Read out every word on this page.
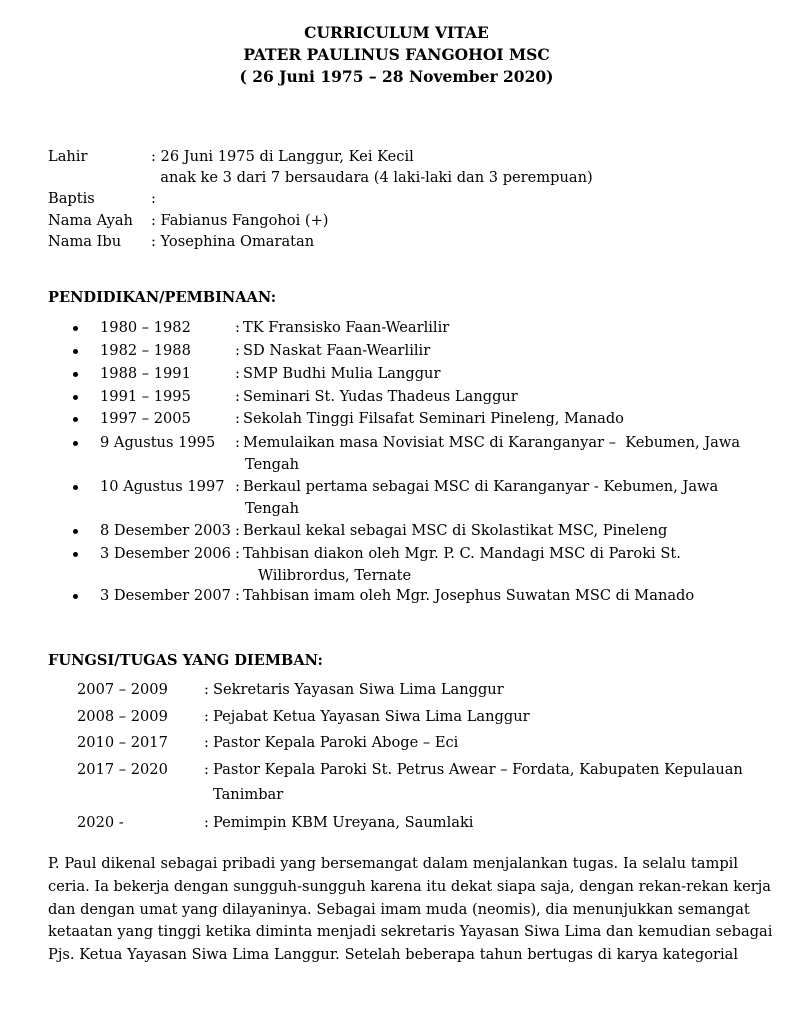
CURRICULUM VITAE
PATER PAULINUS FANGOHOI MSC
( 26 Juni 1975 – 28 November 2020)
Lahir	: 26 Juni 1975 di Langgur, Kei Kecil
anak ke 3 dari 7 bersaudara (4 laki-laki dan 3 perempuan)
Baptis	:
Nama Ayah : Fabianus Fangohoi (+)
Nama Ibu : Yosephina Omaratan
PENDIDIKAN/PEMBINAAN:
1980 – 1982	: TK Fransisko Faan-Wearlilir
1982 – 1988	: SD Naskat Faan-Wearlilir
1988 – 1991	: SMP Budhi Mulia Langgur
1991 – 1995	: Seminari St. Yudas Thadeus Langgur
1997 – 2005	: Sekolah Tinggi Filsafat Seminari Pineleng, Manado
9 Agustus 1995 : Memulaikan masa Novisiat MSC di Karanganyar –  Kebumen, Jawa
Tengah
10 Agustus 1997 : Berkaul pertama sebagai MSC di Karanganyar - Kebumen, Jawa
Tengah
8 Desember 2003 : Berkaul kekal sebagai MSC di Skolastikat MSC, Pineleng
3 Desember 2006 : Tahbisan diakon oleh Mgr. P. C. Mandagi MSC di Paroki St.
Wilibrordus, Ternate
3 Desember 2007 : Tahbisan imam oleh Mgr. Josephus Suwatan MSC di Manado
FUNGSI/TUGAS YANG DIEMBAN:
2007 – 2009 : Sekretaris Yayasan Siwa Lima Langgur
2008 – 2009 : Pejabat Ketua Yayasan Siwa Lima Langgur
2010 – 2017 : Pastor Kepala Paroki Aboge – Eci
2017 – 2020 : Pastor Kepala Paroki St. Petrus Awear – Fordata, Kabupaten Kepulauan
Tanimbar
2020 -	: Pemimpin KBM Ureyana, Saumlaki
P. Paul dikenal sebagai pribadi yang bersemangat dalam menjalankan tugas. Ia selalu tampil
ceria. Ia bekerja dengan sungguh-sungguh karena itu dekat siapa saja, dengan rekan-rekan kerja
dan dengan umat yang dilayaninya. Sebagai imam muda (neomis), dia menunjukkan semangat
ketaatan yang tinggi ketika diminta menjadi sekretaris Yayasan Siwa Lima dan kemudian sebagai
Pjs. Ketua Yayasan Siwa Lima Langgur. Setelah beberapa tahun bertugas di karya kategorial
